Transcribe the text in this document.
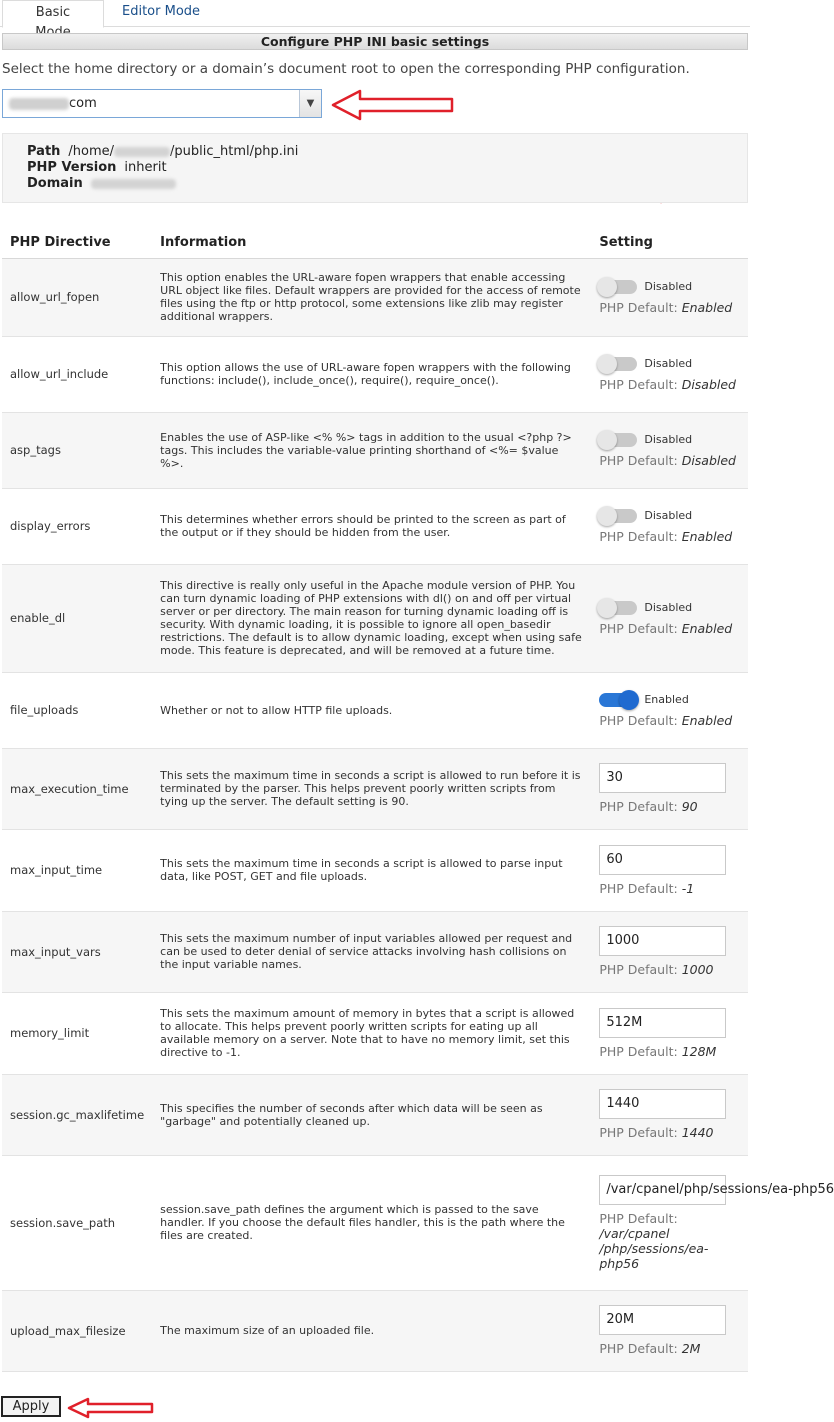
Basic	Editor Mode
Configure PHP INI basic settings
Select the home directory or a domain’s document root to open the corresponding PHP configuration.
com	▼
Path /home/	/public_html/php.ini
PHP Version inherit
Domain
PHP Directive	Information	Setting
allow_url_fopen	This option enables the URL-aware fopen wrappers that enable accessing URL object like files. Default wrappers are provided for the access of remote files using the ftp or http protocol, some extensions like zlib may register additional wrappers.	Disabled
PHP Default: Enabled

allow_url_include	This option allows the use of URL-aware fopen wrappers with the following functions: include(), include_once(), require(), require_once().	Disabled
PHP Default: Disabled

asp_tags	Enables the use of ASP-like <% %> tags in addition to the usual <?php ?> tags. This includes the variable-value printing shorthand of <%= $value %>.	Disabled
PHP Default: Disabled

display_errors	This determines whether errors should be printed to the screen as part of the output or if they should be hidden from the user.	Disabled
PHP Default: Enabled

enable_dl	This directive is really only useful in the Apache module version of PHP. You can turn dynamic loading of PHP extensions with dl() on and off per virtual server or per directory. The main reason for turning dynamic loading off is security. With dynamic loading, it is possible to ignore all open_basedir restrictions. The default is to allow dynamic loading, except when using safe mode. This feature is deprecated, and will be removed at a future time.	Disabled
PHP Default: Enabled

file_uploads	Whether or not to allow HTTP file uploads.	Enabled
PHP Default: Enabled

max_execution_time	This sets the maximum time in seconds a script is allowed to run before it is terminated by the parser. This helps prevent poorly written scripts from tying up the server. The default setting is 90.	30
PHP Default: 90

max_input_time	This sets the maximum time in seconds a script is allowed to parse input data, like POST, GET and file uploads.	60
PHP Default: -1

max_input_vars	This sets the maximum number of input variables allowed per request and can be used to deter denial of service attacks involving hash collisions on the input variable names.	1000
PHP Default: 1000

memory_limit	This sets the maximum amount of memory in bytes that a script is allowed to allocate. This helps prevent poorly written scripts for eating up all available memory on a server. Note that to have no memory limit, set this directive to -1.	512M
PHP Default: 128M

session.gc_maxlifetime	This specifies the number of seconds after which data will be seen as "garbage" and potentially cleaned up.	1440
PHP Default: 1440

session.save_path	session.save_path defines the argument which is passed to the save handler. If you choose the default files handler, this is the path where the files are created.	/var/cpanel/php/sessions/ea-php56
PHP Default: /var/cpanel /php/sessions/ea-php56

upload_max_filesize	The maximum size of an uploaded file.	20M
PHP Default: 2M
Apply
